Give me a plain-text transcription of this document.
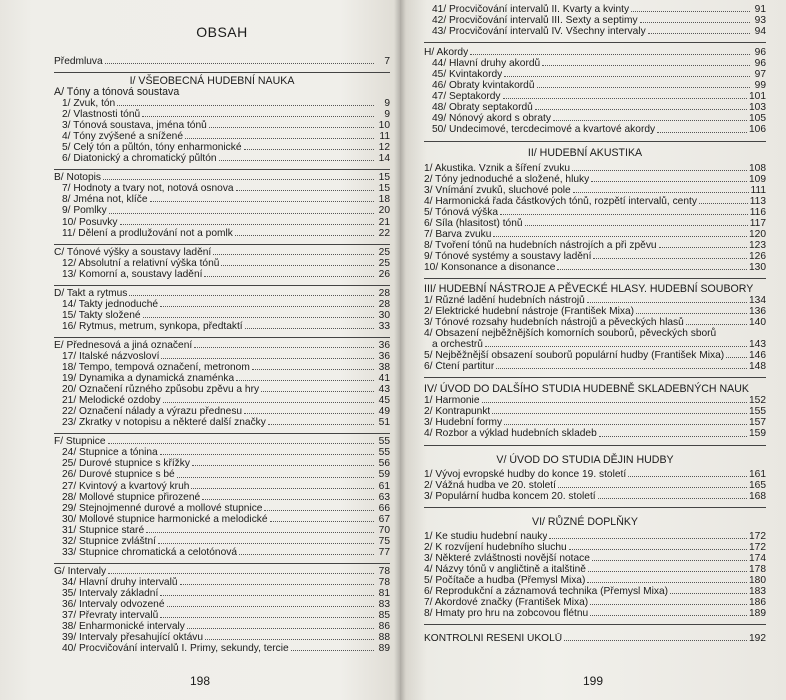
OBSAH
Předmluva	7
I/ VŠEOBECNÁ HUDEBNÍ NAUKA
A/ Tóny a tónová soustava
1/ Zvuk, tón	9
2/ Vlastnosti tónů	9
3/ Tónová soustava, jména tónů	10
4/ Tóny zvýšené a snížené	11
5/ Celý tón a půltón, tóny enharmonické	12
6/ Diatonický a chromatický půltón	14
B/ Notopis	15
7/ Hodnoty a tvary not, notová osnova	15
8/ Jména not, klíče	18
9/ Pomlky	20
10/ Posuvky	21
11/ Dělení a prodlužování not a pomlk	22
C/ Tónové výšky a soustavy ladění	25
12/ Absolutní a relativní výška tónů	25
13/ Komorní a, soustavy ladění	26
D/ Takt a rytmus	28
14/ Takty jednoduché	28
15/ Takty složené	30
16/ Rytmus, metrum, synkopa, předtaktí	33
E/ Přednesová a jiná označení	36
17/ Italské názvosloví	36
18/ Tempo, tempová označení, metronom	38
19/ Dynamika a dynamická znaménka	41
20/ Označení různého způsobu zpěvu a hry	43
21/ Melodické ozdoby	45
22/ Označení nálady a výrazu přednesu	49
23/ Zkratky v notopisu a některé další značky	51
F/ Stupnice	55
24/ Stupnice a tónina	55
25/ Durové stupnice s křížky	56
26/ Durové stupnice s bé	59
27/ Kvintový a kvartový kruh	61
28/ Mollové stupnice přirozené	63
29/ Stejnojmenné durové a mollové stupnice	66
30/ Mollové stupnice harmonické a melodické	67
31/ Stupnice staré	70
32/ Stupnice zvláštní	75
33/ Stupnice chromatická a celotónová	77
G/ Intervaly	78
34/ Hlavní druhy intervalů	78
35/ Intervaly základní	81
36/ Intervaly odvozené	83
37/ Převraty intervalů	85
38/ Enharmonické intervaly	86
39/ Intervaly přesahující oktávu	88
40/ Procvičování intervalů I. Primy, sekundy, tercie	89
198
41/ Procvičování intervalů II. Kvarty a kvinty	91
42/ Procvičování intervalů III. Sexty a septimy	93
43/ Procvičování intervalů IV. Všechny intervaly	94
H/ Akordy	96
44/ Hlavní druhy akordů	96
45/ Kvintakordy	97
46/ Obraty kvintakordů	99
47/ Septakordy	101
48/ Obraty septakordů	103
49/ Nónový akord s obraty	105
50/ Undecimové, tercdecimové a kvartové akordy	106
II/ HUDEBNÍ AKUSTIKA
1/ Akustika. Vznik a šíření zvuku	108
2/ Tóny jednoduché a složené, hluky	109
3/ Vnímání zvuků, sluchové pole	111
4/ Harmonická řada částkových tónů, rozpětí intervalů, centy	113
5/ Tónová výška	116
6/ Síla (hlasitost) tónů	117
7/ Barva zvuku	120
8/ Tvoření tónů na hudebních nástrojích a při zpěvu	123
9/ Tónové systémy a soustavy ladění	126
10/ Konsonance a disonance	130
III/ HUDEBNÍ NÁSTROJE A PĚVECKÉ HLASY. HUDEBNÍ SOUBORY
1/ Různé ladění hudebních nástrojů	134
2/ Elektrické hudební nástroje (František Mixa)	136
3/ Tónové rozsahy hudebních nástrojů a pěveckých hlasů	140
4/ Obsazení nejběžnějších komorních souborů, pěveckých sborů
a orchestrů	143
5/ Nejběžnější obsazení souborů populární hudby (František Mixa) 146
6/ Čtení partitur	148
IV/ ÚVOD DO DALŠÍHO STUDIA HUDEBNĚ SKLADEBNÝCH NAUK
1/ Harmonie	152
2/ Kontrapunkt	155
3/ Hudební formy	157
4/ Rozbor a výklad hudebních skladeb	159
V/ ÚVOD DO STUDIA DĚJIN HUDBY
1/ Vývoj evropské hudby do konce 19. století	161
2/ Vážná hudba ve 20. století	165
3/ Populární hudba koncem 20. století	168
VI/ RŮZNÉ DOPLŇKY
1/ Ke studiu hudební nauky	172
2/ K rozvíjení hudebního sluchu	172
3/ Některé zvláštnosti novější notace	174
4/ Názvy tónů v angličtině a italštině	178
5/ Počítače a hudba (Přemysl Mixa)	180
6/ Reprodukční a záznamová technika (Přemysl Mixa)	183
7/ Akordové značky (František Mixa)	186
8/ Hmaty pro hru na zobcovou flétnu	189
KONTROLNÍ ŘEŠENÍ ÚKOLŮ	192
199
